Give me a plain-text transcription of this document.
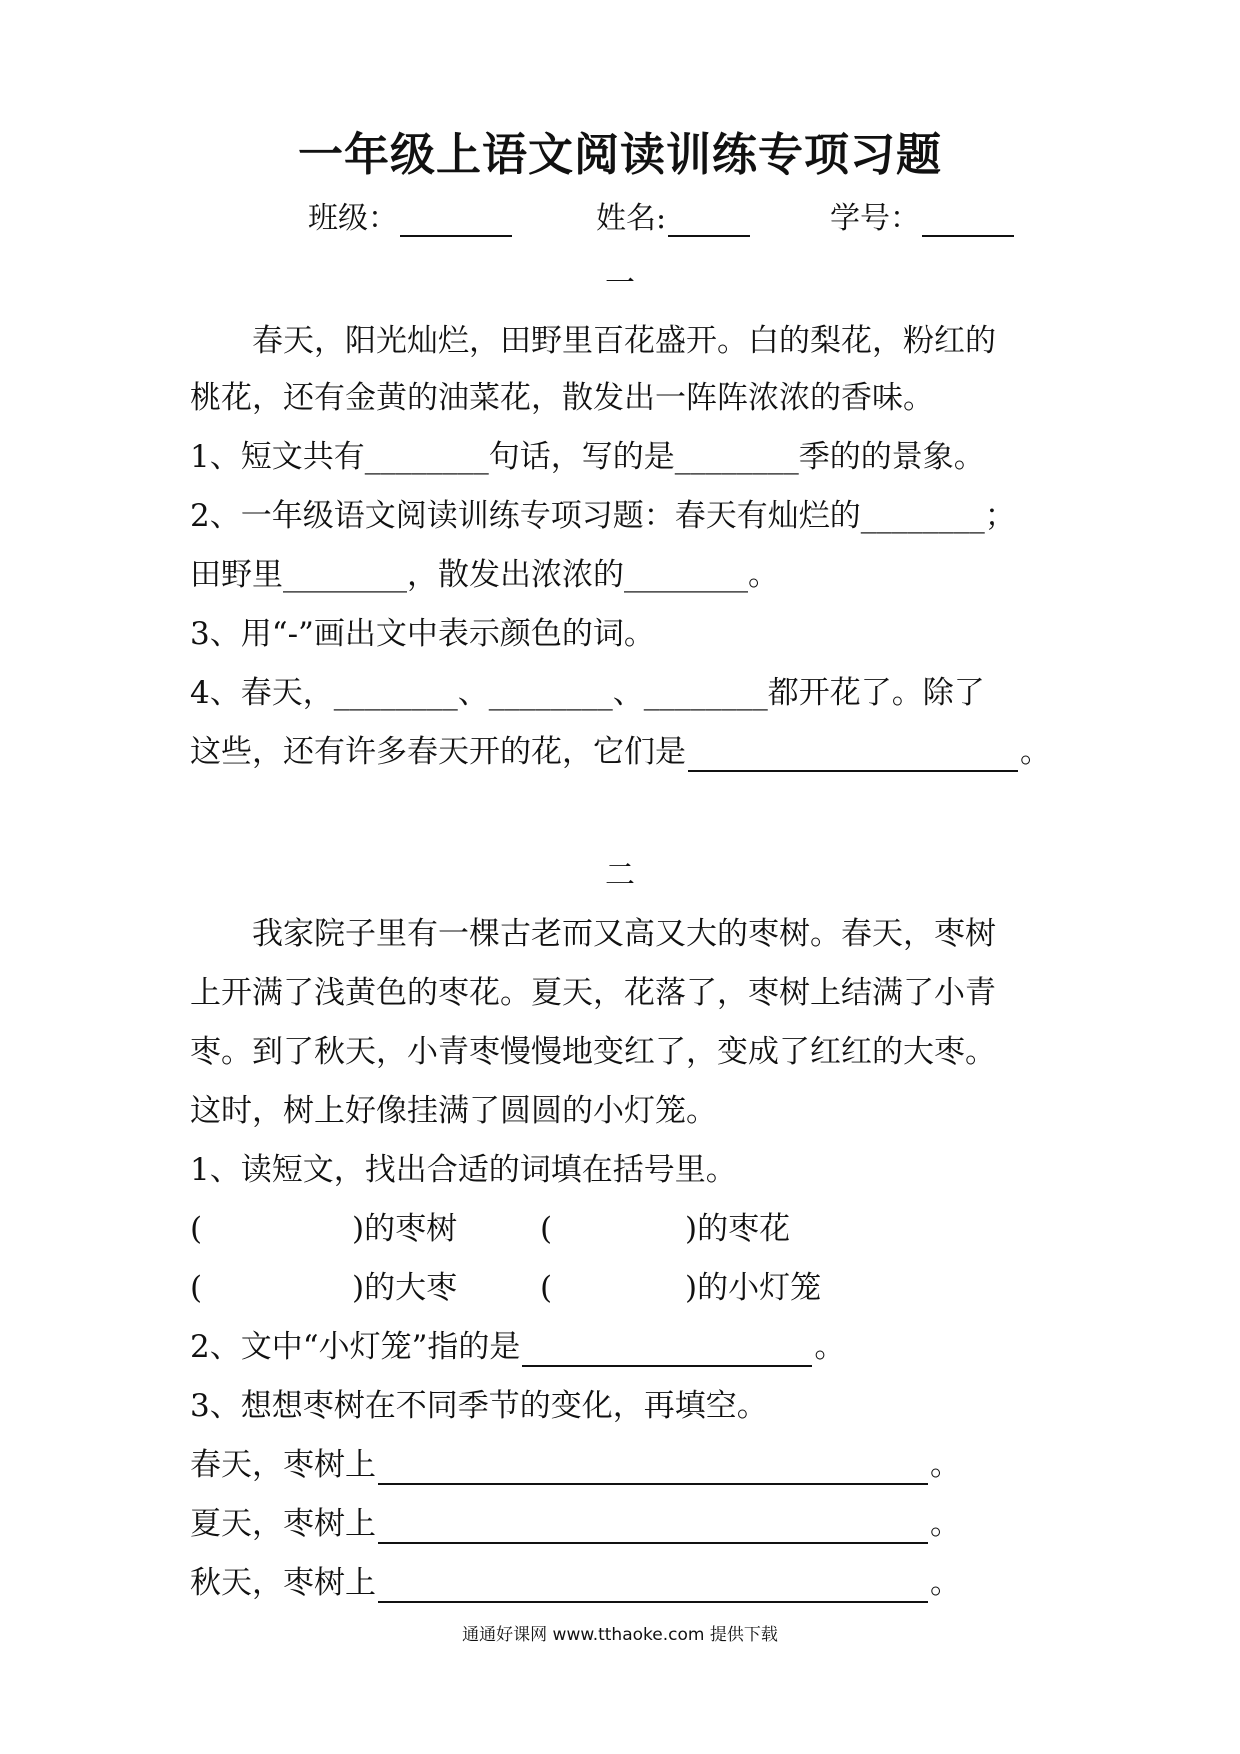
一年级上语文阅读训练专项习题
班级：	姓名:	学号：
一
春天，阳光灿烂，田野里百花盛开。白的梨花，粉红的
桃花，还有金黄的油菜花，散发出一阵阵浓浓的香味。
1、短文共有________句话，写的是________季的的景象。
2、一年级语文阅读训练专项习题：春天有灿烂的________；
田野里________，散发出浓浓的________。
3、用“-”画出文中表示颜色的词。
4、春天，________、________、________都开花了。除了
这些，还有许多春天开的花，它们是	。
二
我家院子里有一棵古老而又高又大的枣树。春天，枣树
上开满了浅黄色的枣花。夏天，花落了，枣树上结满了小青
枣。到了秋天，小青枣慢慢地变红了，变成了红红的大枣。
这时，树上好像挂满了圆圆的小灯笼。
1、读短文，找出合适的词填在括号里。
(	)的枣树	(	)的枣花
(	)的大枣	(	)的小灯笼
2、文中“小灯笼”指的是	。
3、想想枣树在不同季节的变化，再填空。
春天，枣树上	。
夏天，枣树上	。
秋天，枣树上	。
通通好课网 www.tthaoke.com 提供下载
